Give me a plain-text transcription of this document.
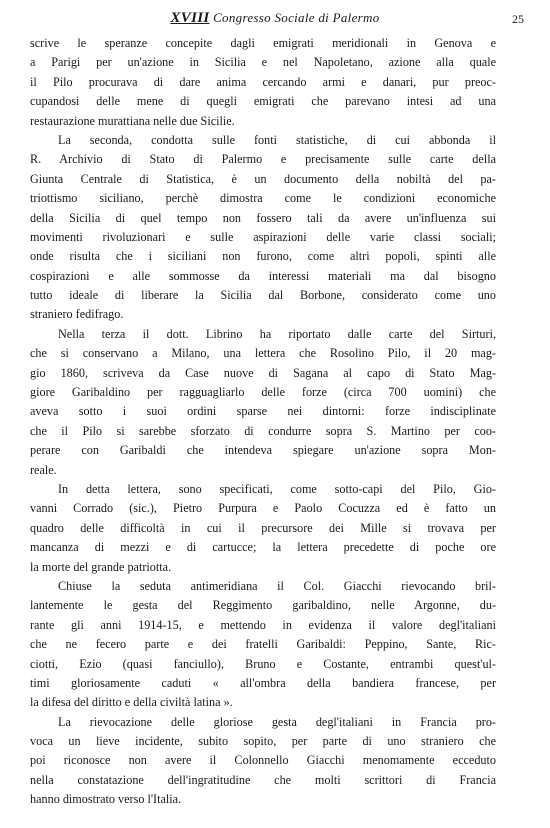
XVIII Congresso Sociale di Palermo	25
scrive le speranze concepite dagli emigrati meridionali in Genova e
a Parigi per un'azione in Sicilia e nel Napoletano, azione alla quale
il Pilo procurava di dare anima cercando armi e danari, pur preoc-
cupandosi delle mene di quegli emigrati che parevano intesi ad una
restaurazione murattiana nelle due Sicilie.
La seconda, condotta sulle fonti statistiche, di cui abbonda il
R. Archivio di Stato di Palermo e precisamente sulle carte della
Giunta Centrale di Statistica, è un documento della nobiltà del pa-
triottismo siciliano, perchè dimostra come le condizioni economiche
della Sicilia di quel tempo non fossero tali da avere un'influenza sui
movimenti rivoluzionari e sulle aspirazioni delle varie classi sociali;
onde risulta che i siciliani non furono, come altri popoli, spinti alle
cospirazioni e alle sommosse da interessi materiali ma dal bisogno
tutto ideale di liberare la Sicilia dal Borbone, considerato come uno
straniero fedifrago.
Nella terza il dott. Librino ha riportato dalle carte del Sirturi,
che si conservano a Milano, una lettera che Rosolino Pilo, il 20 mag-
gio 1860, scriveva da Case nuove di Sagana al capo di Stato Mag-
giore Garibaldino per ragguagliarlo delle forze (circa 700 uomini) che
aveva sotto i suoi ordini sparse nei dintorni: forze indisciplinate
che il Pilo si sarebbe sforzato di condurre sopra S. Martino per coo-
perare con Garibaldi che intendeva spiegare un'azione sopra Mon-
reale.
In detta lettera, sono specificati, come sotto-capi del Pilo, Gio-
vanni Corrado (sic.), Pietro Purpura e Paolo Cocuzza ed è fatto un
quadro delle difficoltà in cui il precursore dei Mille si trovava per
mancanza di mezzi e di cartucce; la lettera precedette di poche ore
la morte del grande patriotta.
Chiuse la seduta antimeridiana il Col. Giacchi rievocando bril-
lantemente le gesta del Reggimento garibaldino, nelle Argonne, du-
rante gli anni 1914-15, e mettendo in evidenza il valore degl'italiani
che ne fecero parte e dei fratelli Garibaldi: Peppino, Sante, Ric-
ciotti, Ezio (quasi fanciullo), Bruno e Costante, entrambi quest'ul-
timi gloriosamente caduti « all'ombra della bandiera francese, per
la difesa del diritto e della civiltà latina ».
La rievocazione delle gloriose gesta degl'italiani in Francia pro-
voca un lieve incidente, subito sopito, per parte di uno straniero che
poi riconosce non avere il Colonnello Giacchi menomamente ecceduto
nella constatazione dell'ingratitudine che molti scrittori di Francia
hanno dimostrato verso l'Italia.
